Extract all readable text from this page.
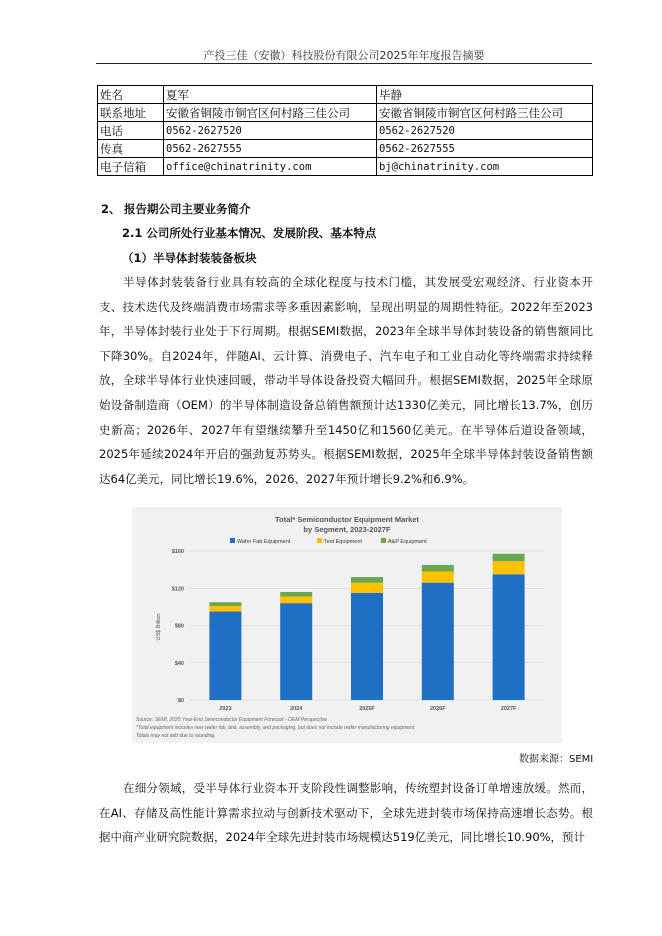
产投三佳（安徽）科技股份有限公司2025年年度报告摘要
姓名	夏军	毕静
联系地址	安徽省铜陵市铜官区何村路三佳公司	安徽省铜陵市铜官区何村路三佳公司
电话	0562-2627520	0562-2627520
传真	0562-2627555	0562-2627555
电子信箱	office@chinatrinity.com	bj@chinatrinity.com
2、 报告期公司主要业务简介
2.1 公司所处行业基本情况、发展阶段、基本特点
（1）半导体封装装备板块
半导体封装装备行业具有较高的全球化程度与技术门槛，其发展受宏观经济、行业资本开支、技术迭代及终端消费市场需求等多重因素影响，呈现出明显的周期性特征。2022年至2023年，半导体封装行业处于下行周期。根据SEMI数据，2023年全球半导体封装设备的销售额同比下降30%。自2024年，伴随AI、云计算、消费电子、汽车电子和工业自动化等终端需求持续释放，全球半导体行业快速回暖，带动半导体设备投资大幅回升。根据SEMI数据，2025年全球原始设备制造商（OEM）的半导体制造设备总销售额预计达1330亿美元，同比增长13.7%，创历史新高；2026年、2027年有望继续攀升至1450亿和1560亿美元。在半导体后道设备领域，2025年延续2024年开启的强劲复苏势头。根据SEMI数据，2025年全球半导体封装设备销售额达64亿美元，同比增长19.6%，2026、2027年预计增长9.2%和6.9%。
Total* Semiconductor Equipment Market
by Segment, 2023-2027F
Wafer Fab Equipment	Test Equipment	A&P Equipment
US$ Billion
$0
$40
$80
$120
$160
2023	2024	2025F	2026F	2027F
Source: SEMI, 2025 Year-End Semiconductor Equipment Forecast - OEM Perspective
*Total equipment includes new wafer fab, test, assembly, and packaging, but does not include wafer manufacturing equipment.
Totals may not add due to rounding.
数据来源：SEMI
在细分领域，受半导体行业资本开支阶段性调整影响，传统塑封设备订单增速放缓。然而，在AI、存储及高性能计算需求拉动与创新技术驱动下，全球先进封装市场保持高速增长态势。根据中商产业研究院数据，2024年全球先进封装市场规模达519亿美元，同比增长10.90%，预计
